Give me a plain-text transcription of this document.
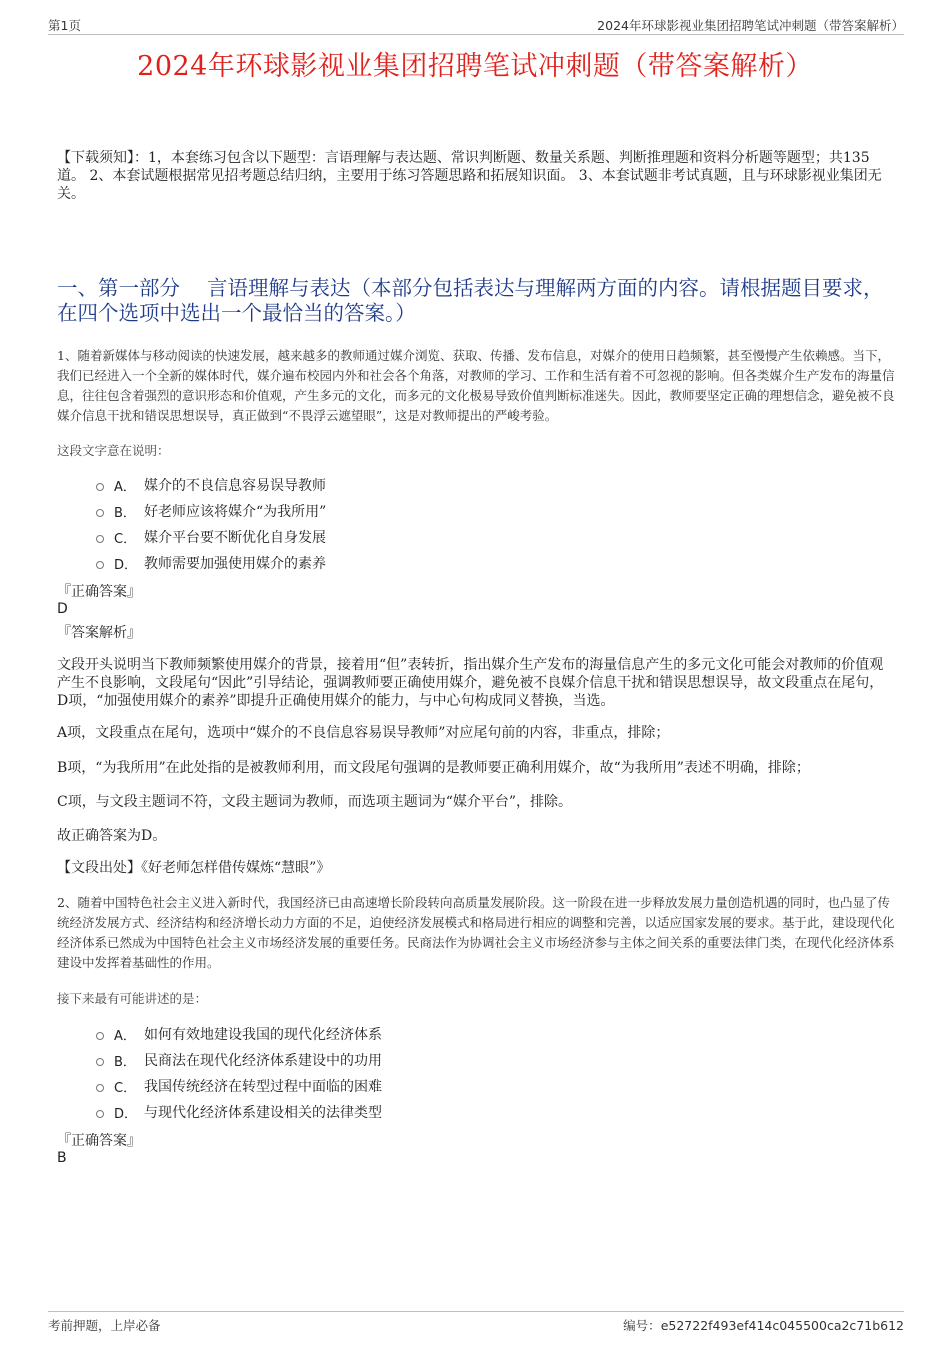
第1页	2024年环球影视业集团招聘笔试冲刺题（带答案解析）
2024年环球影视业集团招聘笔试冲刺题（带答案解析）
【下载须知】：1，本套练习包含以下题型：言语理解与表达题、常识判断题、数量关系题、判断推理题和资料分析题等题型；共135道。 2、本套试题根据常见招考题总结归纳，主要用于练习答题思路和拓展知识面。 3、本套试题非考试真题，且与环球影视业集团无关。
一、第一部分　 言语理解与表达（本部分包括表达与理解两方面的内容。请根据题目要求，在四个选项中选出一个最恰当的答案。）
1、随着新媒体与移动阅读的快速发展，越来越多的教师通过媒介浏览、获取、传播、发布信息，对媒介的使用日趋频繁，甚至慢慢产生依赖感。当下，我们已经进入一个全新的媒体时代，媒介遍布校园内外和社会各个角落，对教师的学习、工作和生活有着不可忽视的影响。但各类媒介生产发布的海量信息，往往包含着强烈的意识形态和价值观，产生多元的文化，而多元的文化极易导致价值判断标准迷失。因此，教师要坚定正确的理想信念，避免被不良媒介信息干扰和错误思想误导，真正做到“不畏浮云遮望眼”，这是对教师提出的严峻考验。
这段文字意在说明：
A． 媒介的不良信息容易误导教师
B． 好老师应该将媒介“为我所用”
C． 媒介平台要不断优化自身发展
D． 教师需要加强使用媒介的素养
『正确答案』
D
『答案解析』
文段开头说明当下教师频繁使用媒介的背景，接着用“但”表转折，指出媒介生产发布的海量信息产生的多元文化可能会对教师的价值观产生不良影响，文段尾句“因此”引导结论，强调教师要正确使用媒介，避免被不良媒介信息干扰和错误思想误导，故文段重点在尾句，D项，“加强使用媒介的素养”即提升正确使用媒介的能力，与中心句构成同义替换，当选。
A项，文段重点在尾句，选项中“媒介的不良信息容易误导教师”对应尾句前的内容，非重点，排除；
B项，“为我所用”在此处指的是被教师利用，而文段尾句强调的是教师要正确利用媒介，故“为我所用”表述不明确，排除；
C项，与文段主题词不符，文段主题词为教师，而选项主题词为“媒介平台”，排除。
故正确答案为D。
【文段出处】《好老师怎样借传媒炼“慧眼”》
2、随着中国特色社会主义进入新时代，我国经济已由高速增长阶段转向高质量发展阶段。这一阶段在进一步释放发展力量创造机遇的同时，也凸显了传统经济发展方式、经济结构和经济增长动力方面的不足，迫使经济发展模式和格局进行相应的调整和完善，以适应国家发展的要求。基于此，建设现代化经济体系已然成为中国特色社会主义市场经济发展的重要任务。民商法作为协调社会主义市场经济参与主体之间关系的重要法律门类，在现代化经济体系建设中发挥着基础性的作用。
接下来最有可能讲述的是：
A． 如何有效地建设我国的现代化经济体系
B． 民商法在现代化经济体系建设中的功用
C． 我国传统经济在转型过程中面临的困难
D． 与现代化经济体系建设相关的法律类型
『正确答案』
B
考前押题，上岸必备	编号：e52722f493ef414c045500ca2c71b612
